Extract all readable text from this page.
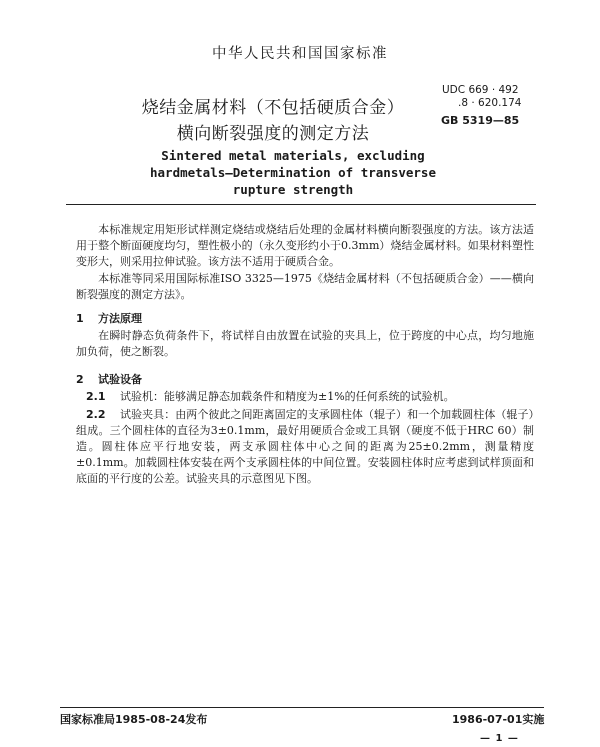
中华人民共和国国家标准
烧结金属材料（不包括硬质合金）
横向断裂强度的测定方法
UDC 669 · 492
.8 · 620.174
GB 5319—85
Sintered metal materials, excluding
hardmetals—Determination of transverse
rupture strength
本标准规定用矩形试样测定烧结或烧结后处理的金属材料横向断裂强度的方法。该方法适用于整个断面硬度均匀，塑性极小的（永久变形约小于0.3mm）烧结金属材料。如果材料塑性变形大，则采用拉伸试验。该方法不适用于硬质合金。
本标准等同采用国际标准ISO 3325—1975《烧结金属材料（不包括硬质合金）——横向断裂强度的测定方法》。
1 方法原理
在瞬时静态负荷条件下，将试样自由放置在试验的夹具上，位于跨度的中心点，均匀地施加负荷，使之断裂。
2 试验设备
2.1 试验机：能够满足静态加载条件和精度为±1%的任何系统的试验机。
2.2 试验夹具：由两个彼此之间距离固定的支承圆柱体（辊子）和一个加载圆柱体（辊子）组成。三个圆柱体的直径为3±0.1mm，最好用硬质合金或工具钢（硬度不低于HRC 60）制造。圆柱体应平行地安装，两支承圆柱体中心之间的距离为25±0.2mm，测量精度±0.1mm。加载圆柱体安装在两个支承圆柱体的中间位置。安装圆柱体时应考虑到试样顶面和底面的平行度的公差。试验夹具的示意图见下图。
国家标准局1985-08-24发布	1986-07-01实施
— 1 —
